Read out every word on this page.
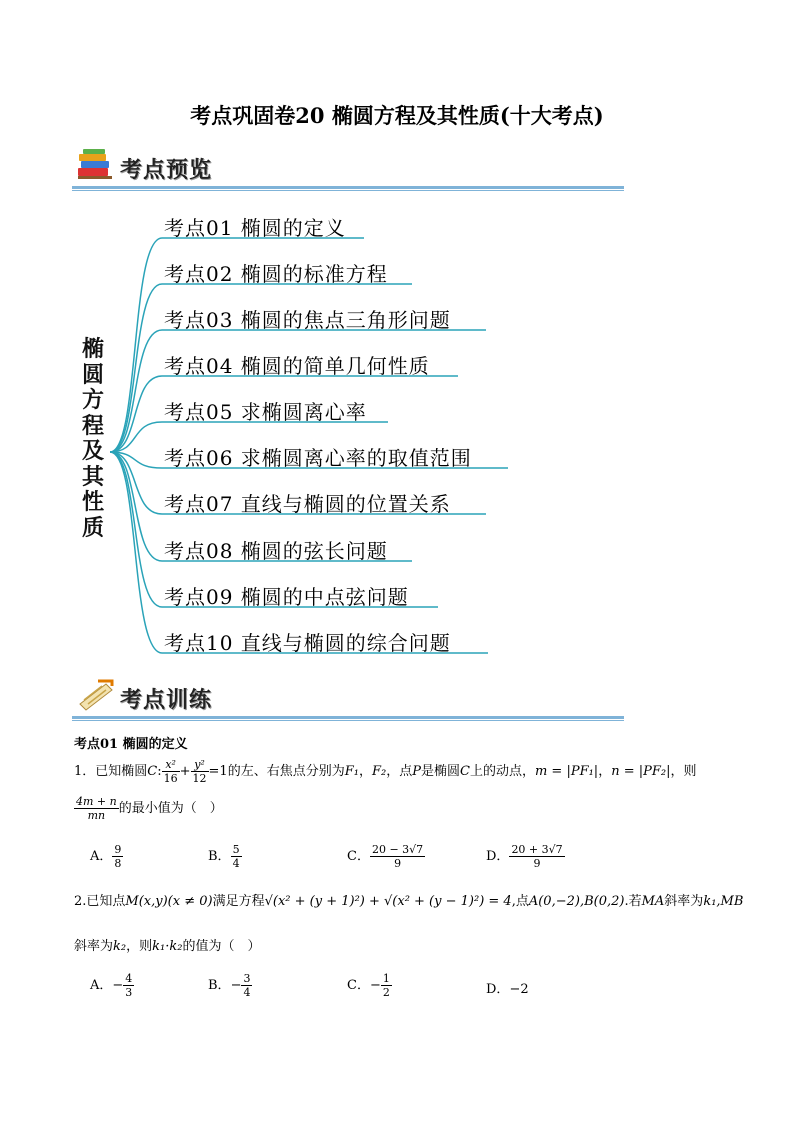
考点巩固卷20 椭圆方程及其性质(十大考点)
考点预览
椭
圆
方
程
及
其
性
质
考点01 椭圆的定义
考点02 椭圆的标准方程
考点03 椭圆的焦点三角形问题
考点04 椭圆的简单几何性质
考点05 求椭圆离心率
考点06 求椭圆离心率的取值范围
考点07 直线与椭圆的位置关系
考点08 椭圆的弦长问题
考点09 椭圆的中点弦问题
考点10 直线与椭圆的综合问题
考点训练
考点01 椭圆的定义
1．已知椭圆C: $\frac{\text{x²}}{16} + \frac{\text{y²}}{12} =1$的左、右焦点分别为F₁，F₂，点P是椭圆C上的动点，m = |PF₁|，n = |PF₂|，则
$\frac{4m + n}{mn}$ 的最小值为（　）
A． $\frac{9}{8}$	B． $\frac{5}{4}$	C． $\frac{20 - 3√7}{9}$	D． $\frac{20 + 3√7}{9}$
2.已知点M(x,y)(x ≠ 0)满足方程√(x² + (y + 1)²) + √(x² + (y − 1)²) = 4,点A(0,−2),B(0,2).若MA斜率为k₁,MB
斜率为k₂，则k₁·k₂的值为（　）
A．− $\frac{4}{3}$	B．− $\frac{3}{4}$	C．− $\frac{1}{2}$	D．−2
